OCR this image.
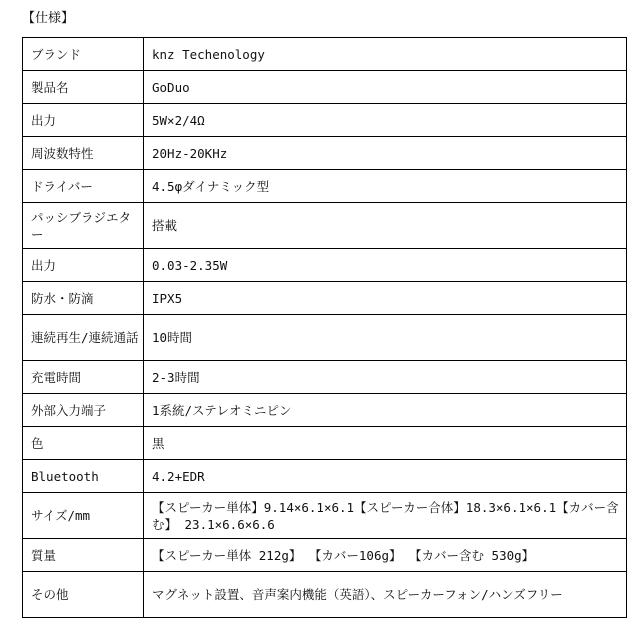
【仕様】
ブランド	knz Techenology
製品名	GoDuo
出力	5W×2/4Ω
周波数特性	20Hz-20KHz
ドライバー	4.5φダイナミック型
パッシブラジエター	搭載
出力	0.03-2.35W
防水・防滴	IPX5
連続再生/連続通話	10時間
充電時間	2-3時間
外部入力端子	1系統/ステレオミニピン
色	黒
Bluetooth	4.2+EDR
サイズ/mm	【スピーカー単体】9.14×6.1×6.1【スピーカー合体】18.3×6.1×6.1【カバー含む】 23.1×6.6×6.6
質量	【スピーカー単体 212g】 【カバー106g】 【カバー含む 530g】
その他	マグネット設置、音声案内機能（英語）、スピーカーフォン/ハンズフリー
